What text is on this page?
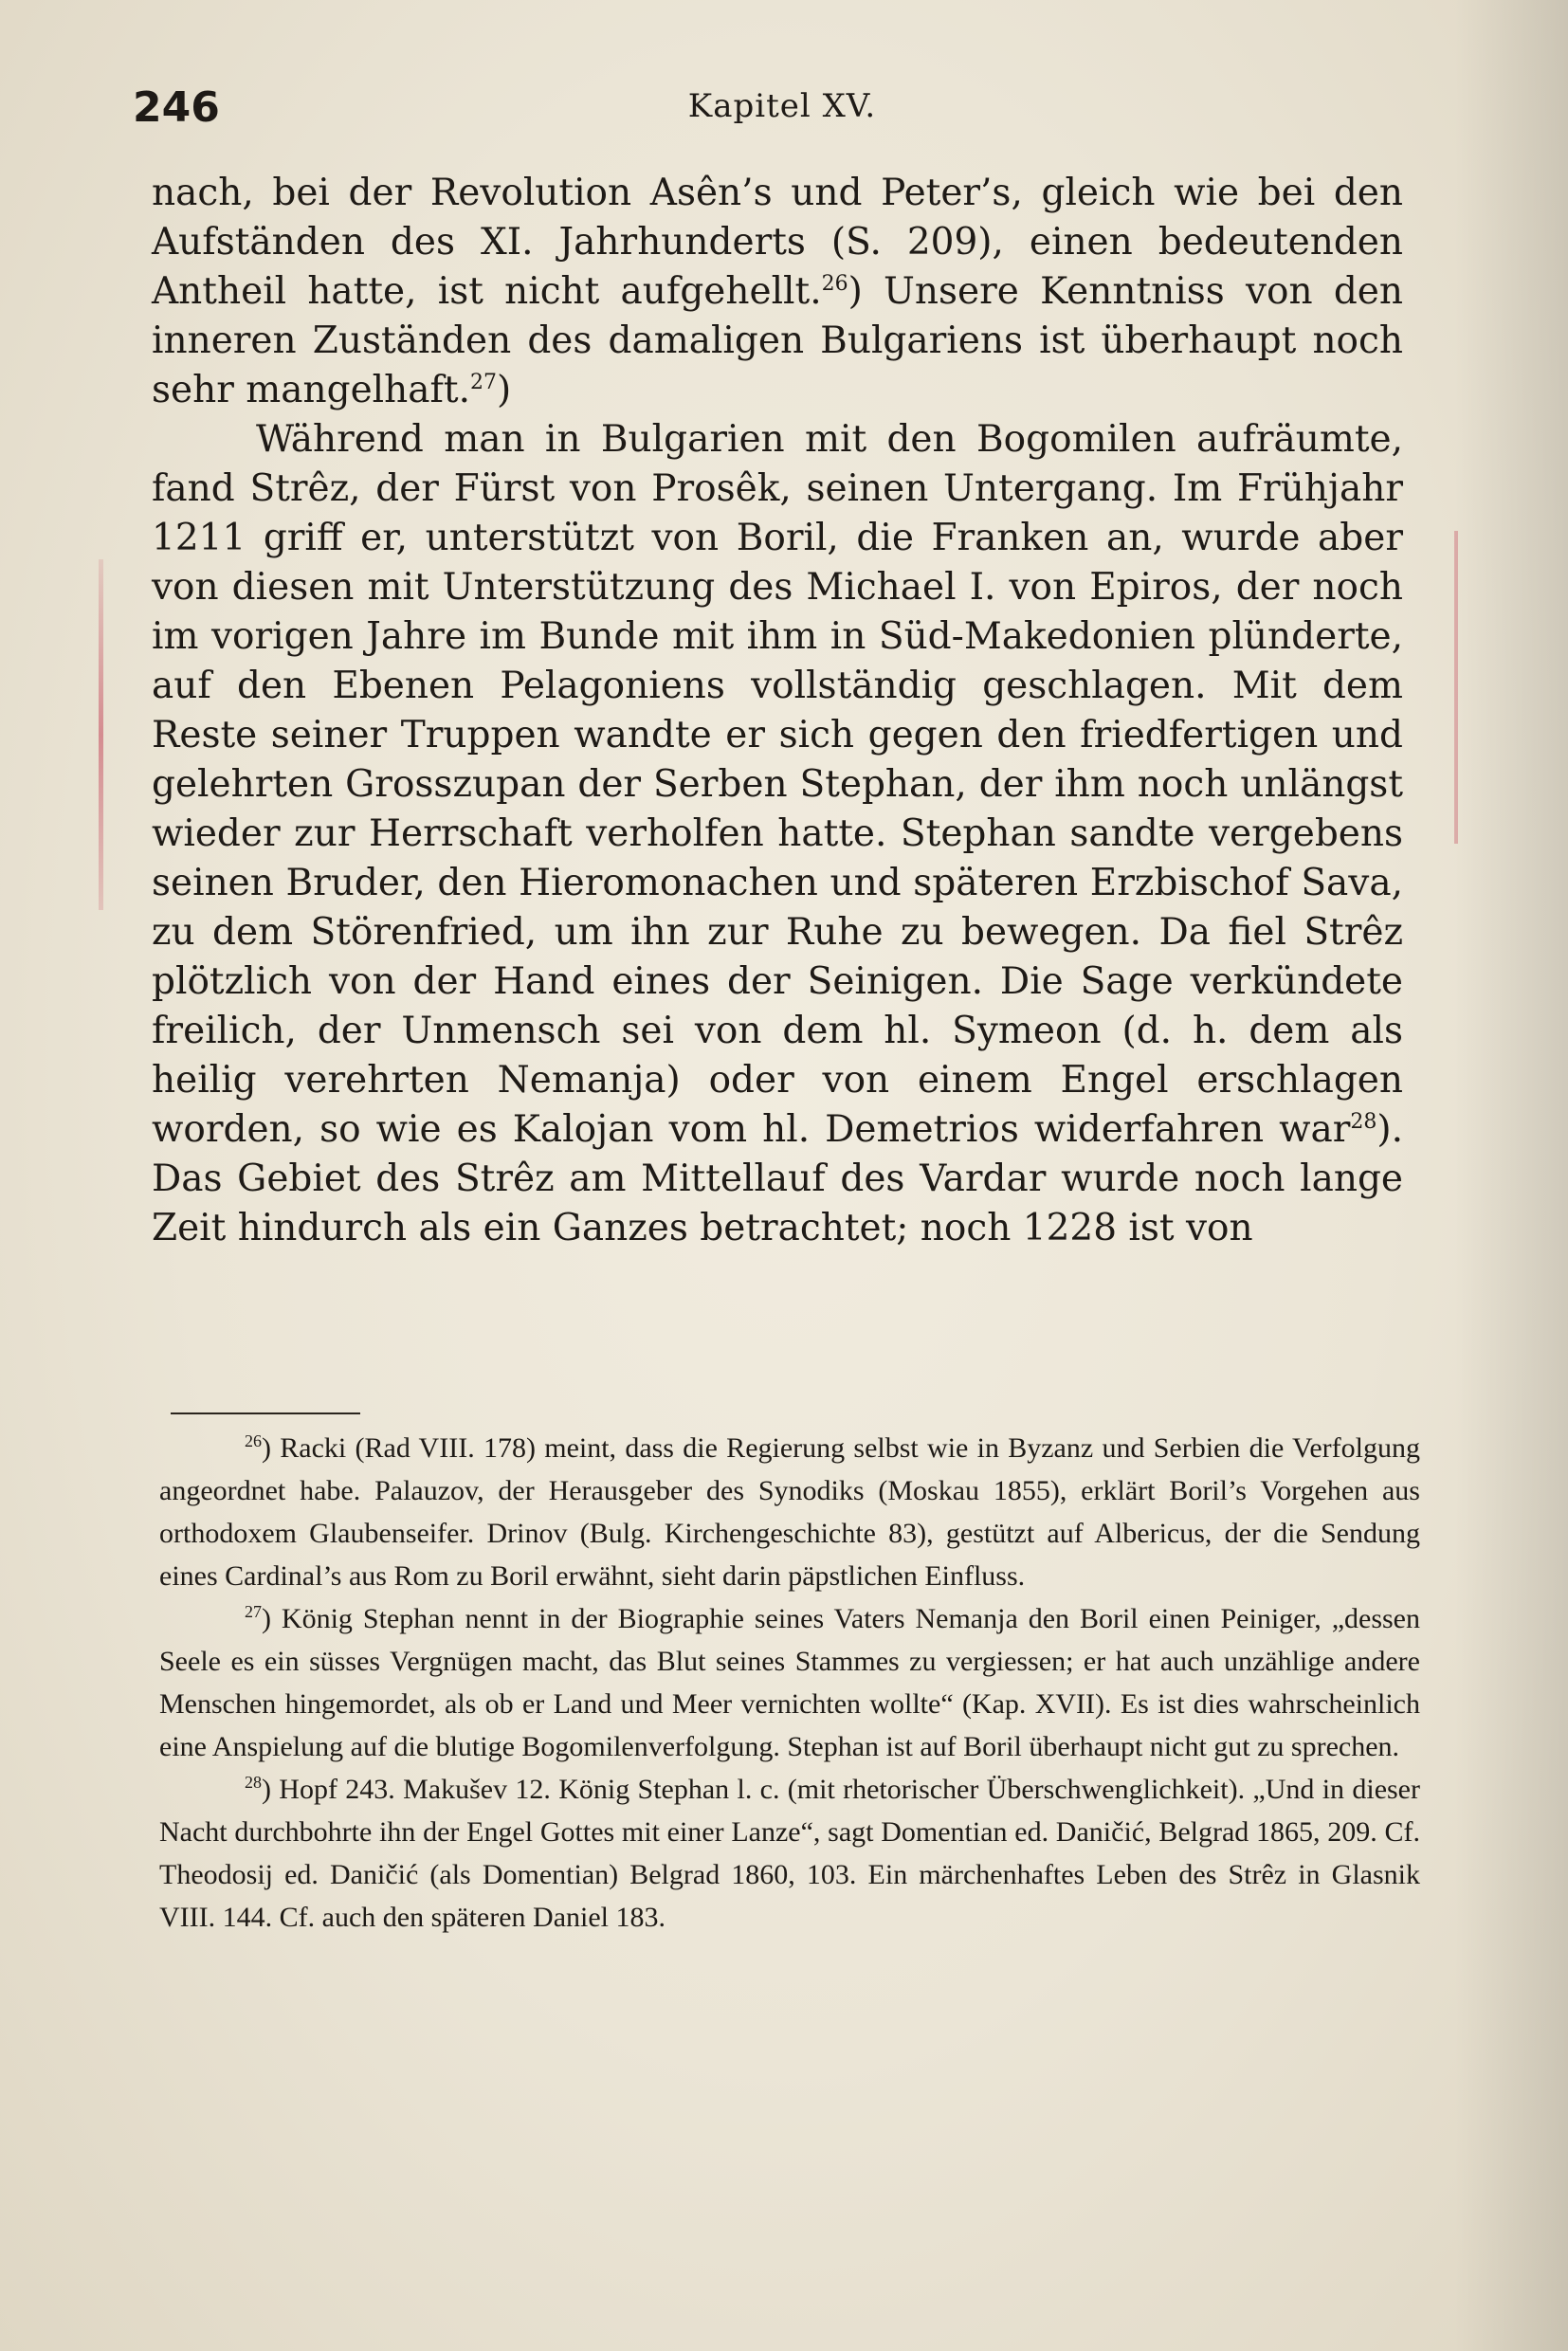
246	Kapitel XV.

nach, bei der Revolution Asên’s und Peter’s, gleich wie bei den Aufständen des XI. Jahrhunderts (S. 209), einen bedeutenden Antheil hatte, ist nicht aufgehellt.$^{26}$) Unsere Kenntniss von den inneren Zuständen des damaligen Bulgariens ist überhaupt noch sehr mangelhaft.$^{27}$)

Während man in Bulgarien mit den Bogomilen aufräumte, fand Strêz, der Fürst von Prosêk, seinen Untergang. Im Frühjahr 1211 griff er, unterstützt von Boril, die Franken an, wurde aber von diesen mit Unterstützung des Michael I. von Epiros, der noch im vorigen Jahre im Bunde mit ihm in Süd-Makedonien plünderte, auf den Ebenen Pelagoniens vollständig geschlagen. Mit dem Reste seiner Truppen wandte er sich gegen den friedfertigen und gelehrten Grosszupan der Serben Stephan, der ihm noch unlängst wieder zur Herrschaft verholfen hatte. Stephan sandte vergebens seinen Bruder, den Hieromonachen und späteren Erzbischof Sava, zu dem Störenfried, um ihn zur Ruhe zu bewegen. Da fiel Strêz plötzlich von der Hand eines der Seinigen. Die Sage verkündete freilich, der Unmensch sei von dem hl. Symeon (d. h. dem als heilig verehrten Nemanja) oder von einem Engel erschlagen worden, so wie es Kalojan vom hl. Demetrios widerfahren war$^{28}$). Das Gebiet des Strêz am Mittellauf des Vardar wurde noch lange Zeit hindurch als ein Ganzes betrachtet; noch 1228 ist von

$^{26}$) Racki (Rad VIII. 178) meint, dass die Regierung selbst wie in Byzanz und Serbien die Verfolgung angeordnet habe. Palauzov, der Herausgeber des Synodiks (Moskau 1855), erklärt Boril’s Vorgehen aus orthodoxem Glaubenseifer. Drinov (Bulg. Kirchengeschichte 83), gestützt auf Albericus, der die Sendung eines Cardinal’s aus Rom zu Boril erwähnt, sieht darin päpstlichen Einfluss.

$^{27}$) König Stephan nennt in der Biographie seines Vaters Nemanja den Boril einen Peiniger, „dessen Seele es ein süsses Vergnügen macht, das Blut seines Stammes zu vergiessen; er hat auch unzählige andere Menschen hingemordet, als ob er Land und Meer vernichten wollte“ (Kap. XVII). Es ist dies wahrscheinlich eine Anspielung auf die blutige Bogomilenverfolgung. Stephan ist auf Boril überhaupt nicht gut zu sprechen.

$^{28}$) Hopf 243. Makušev 12. König Stephan l. c. (mit rhetorischer Überschwenglichkeit). „Und in dieser Nacht durchbohrte ihn der Engel Gottes mit einer Lanze“, sagt Domentian ed. Daničić, Belgrad 1865, 209. Cf. Theodosij ed. Daničić (als Domentian) Belgrad 1860, 103. Ein märchenhaftes Leben des Strêz in Glasnik VIII. 144. Cf. auch den späteren Daniel 183.
